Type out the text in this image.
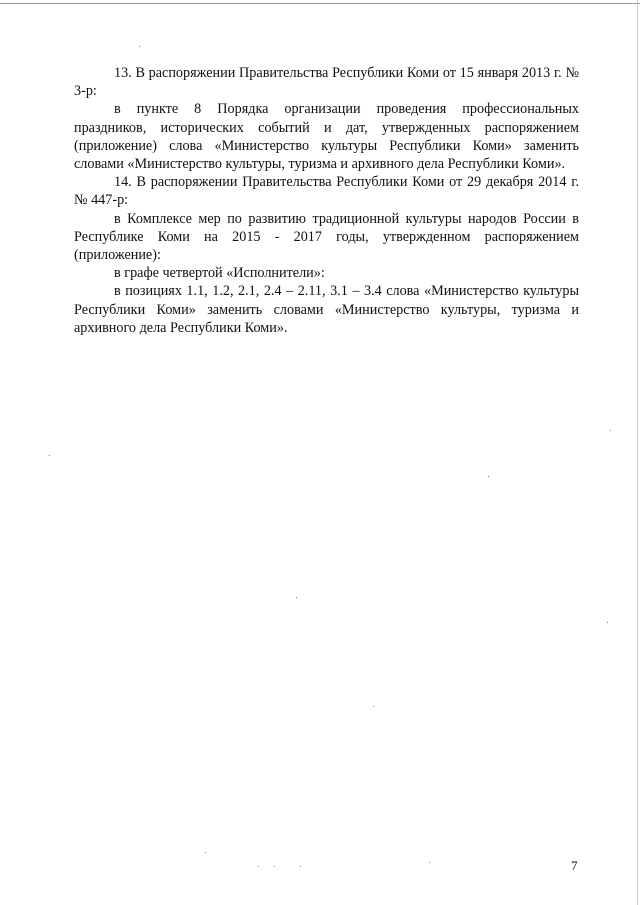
13. В распоряжении Правительства Республики Коми от 15 января 2013 г. № 3-р:

в пункте 8 Порядка организации проведения профессиональных праздников, исторических событий и дат, утвержденных распоряжением (приложение) слова «Министерство культуры Республики Коми» заменить словами «Министерство культуры, туризма и архивного дела Республики Коми».

14. В распоряжении Правительства Республики Коми от 29 декабря 2014 г. № 447-р:

в Комплексе мер по развитию традиционной культуры народов России в Республике Коми на 2015 - 2017 годы, утвержденном распоряжением (приложение):

в графе четвертой «Исполнители»:

в позициях 1.1, 1.2, 2.1, 2.4 – 2.11, 3.1 – 3.4 слова «Министерство культуры Республики Коми» заменить словами «Министерство культуры, туризма и архивного дела Республики Коми».

7
